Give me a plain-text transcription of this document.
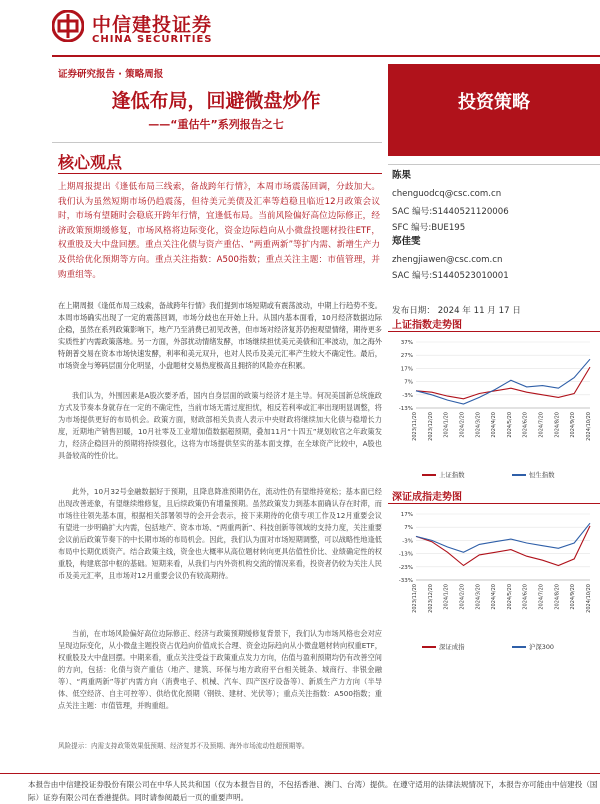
中信建投证券
CHINA SECURITIES
证券研究报告 · 策略周报
逢低布局，回避微盘炒作
——“重估牛”系列报告之七
投资策略
核心观点
上期周报提出《逢低布局三线索，备战跨年行情》，本周市场震荡回调，分歧加大。我们认为虽然短期市场仍趋震荡，但待美元美债及汇率等趋稳且临近12月政策会议时，市场有望随时会稳底开跨年行情，宜逢低布局。当前风险偏好高位边际修正，经济政策预期缓修复，市场风格将边际变化，资金边际趋向从小微盘投题材投往ETF，权重股及大中盘回摆。重点关注化债与资产重估、“两重两新”等扩内需、新增生产力及供给优化预期等方向。重点关注指数：A500指数；重点关注主题：市值管理，并购重组等。
陈果
chenguodcq@csc.com.cn
SAC 编号:S1440521120006
SFC 编号:BUE195
郑佳雯
zhengjiawen@csc.com.cn
SAC 编号:S1440523010001
发布日期： 2024 年 11 月 17 日
在上期周报《逢低布局三线索，备战跨年行情》我们提到市场短期或有震荡波动，中期上行趋势不变。本周市场确实出现了一定的震荡回调，市场分歧也在开始上升。从国内基本面看，10月经济数据边际企稳，虽然在系列政策影响下，地产乃至消费已初见改善，但市场对经济复苏仍抱观望情绪，期待更多实质性扩内需政策落地。另一方面，外部扰动情绪发酵，市场继续担忧美元美债和汇率波动，加之海外特朗普交易在资本市场快速发酵，利率和美元双升，也对人民币及美元汇率产生较大不确定性。最后，市场资金与筹码层面分化明显，小盘题材交易热度极高且拥挤的风险亦在积累。
我们认为，外围因素是A股次要矛盾，国内自身层面的政策与经济才是主导。何况美国新总统施政方式及节奏本身就存在一定的不确定性，当前市场无需过度担忧，相反若利率或汇率出现明显调整，将为市场提供更好的布局机会。政策方面，财政部相关负责人表示中央财政将继续加大化债与稳增长力度，近期地产销售回暖，10月社零及工业增加值数据超预期，叠加11月“十四五”规划收官之年政策发力，经济企稳回升的预期将持续强化，这将为市场提供坚实的基本面支撑，在全球资产比较中，A股也具备较高的性价比。
此外，10月32号金融数据好于预期，且降息降准预期仍在，流动性仍有望维持宽松；基本面已经出现改善迹象，有望继续维修复，且后续政策仍有增量预期。虽然政策发力到基本面确认存在时滞，而市场往往领先基本面，根据相关部署领导的会开会表示，接下来期待的化债专项工作及12月重要会议有望进一步明确扩大内需，包括地产、资本市场、“两重两新”、科技创新等领域的支持力度，关注重要会议前后政策节奏下的中长期市场的布局机会。因此，我们认为面对市场短期调整，可以战略性地逢低布局中长期优质资产。结合政策主线，资金也大概率从高位题材转向更具估值性价比、业绩确定性的权重股，构建底部中枢的基础。短期来看，从我们与内外资机构交流的情况来看，投资者仍较为关注人民币及美元汇率，且市场对12月重要会议仍有较高期待。
当前，在市场风险偏好高位边际修正、经济与政策预期缓修复背景下，我们认为市场风格也会对应呈现边际变化，从小微盘主题投资占优趋向价值成长合理、资金边际趋向从小微盘题材转向权重ETF，权重股及大中盘回摆。中期来看，重点关注受益于政策重点发力方向，估值与盈利预期均仍有改善空间的方向，包括：化债与资产重估（地产、建筑、环保与地方政府平台相关链条、城商行、非银金融等）、“两重两新”等扩内需方向（消费电子、机械、汽车、四产医疗设备等）、新质生产力方向（半导体、低空经济、自主可控等）、供给优化预期（钢铁、建材、光伏等）；重点关注指数：A500指数；重点关注主题：市值管理，并购重组。
风险提示：内需支持政策效果低预期、经济复苏不及预期、海外市场流动性超预期等。
上证指数走势图
37%
27%
17%
7%
-3%
-13%
2023/11/20 2023/12/20 2024/1/20 2024/2/20 2024/3/20 2024/4/20 2024/5/20 2024/6/20 2024/7/20 2024/8/20 2024/9/20 2024/10/20
上证指数	恒生指数
深证成指走势图
17%
7%
-3%
-13%
-23%
-33%
2023/11/20 2023/12/20 2024/1/20 2024/2/20 2024/3/20 2024/4/20 2024/5/20 2024/6/20 2024/7/20 2024/8/20 2024/9/20 2024/10/20
深证成指	沪深300
本报告由中信建投证券股份有限公司在中华人民共和国（仅为本报告目的，不包括香港、澳门、台湾）提供。在遵守适用的法律法规情况下，本报告亦可能由中信建投（国际）证券有限公司在香港提供。同时请参阅最后一页的重要声明。
